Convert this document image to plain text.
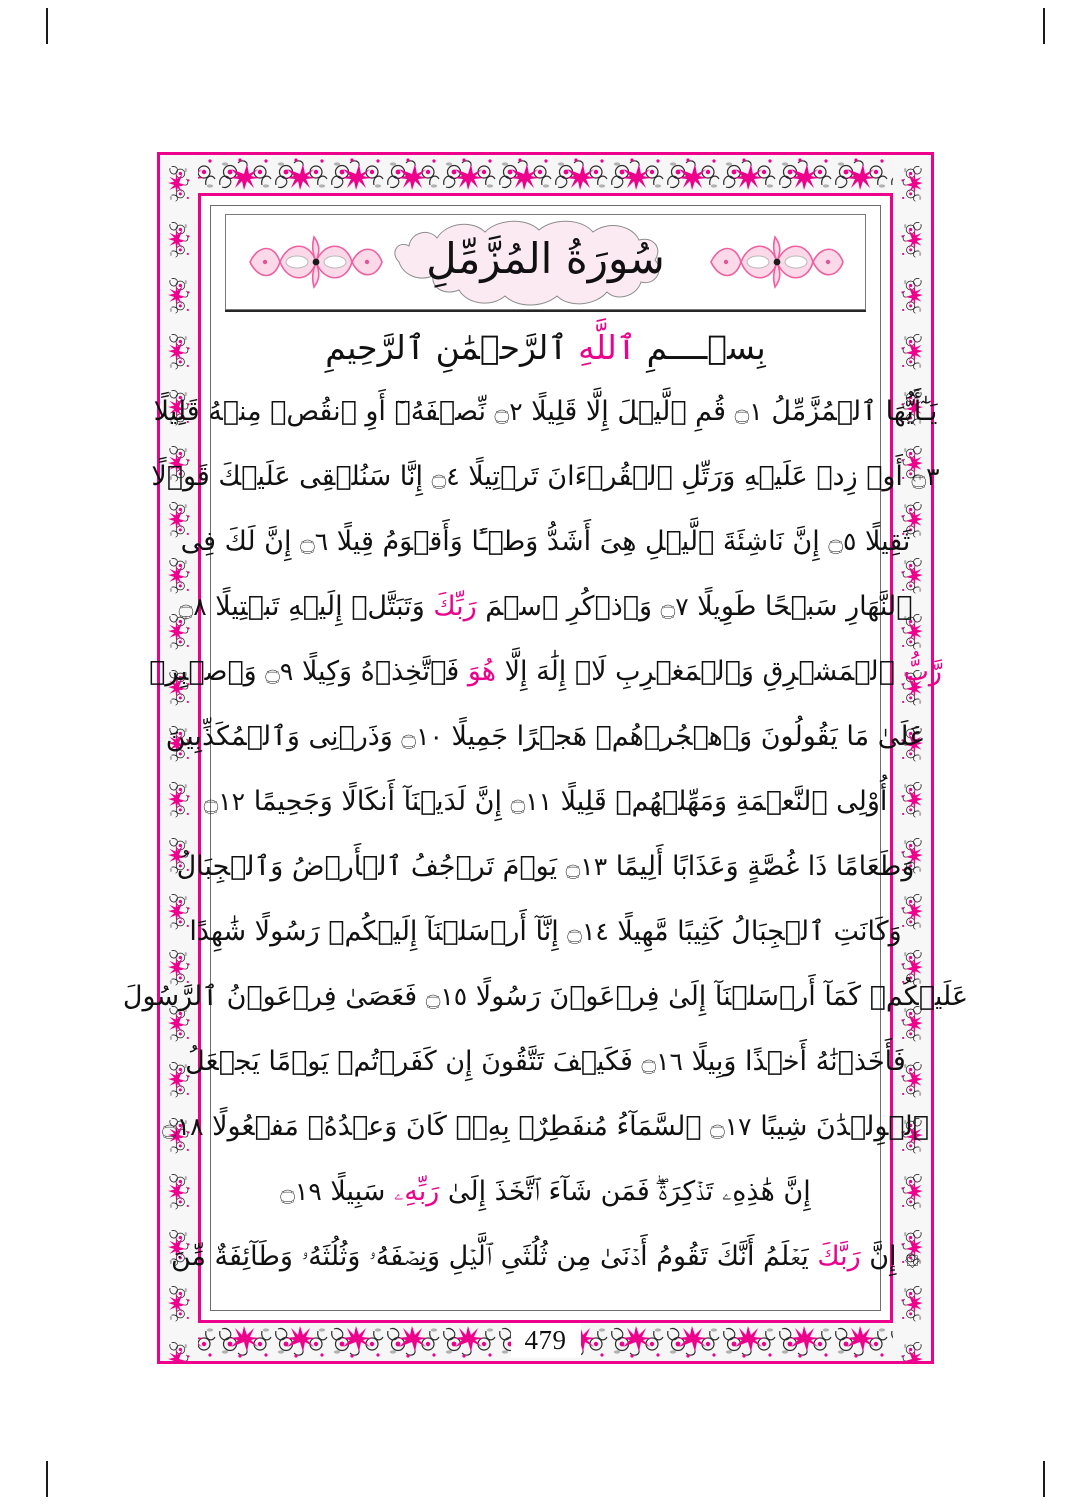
سُورَةُ المُزَّمِّلِ
بِسۡــــمِ ٱللَّهِ ٱلرَّحۡمَٰنِ ٱلرَّحِيمِ
يَـٰٓأَيُّهَا ٱلۡمُزَّمِّلُ ۝١ قُمِ ٱلَّيۡلَ إِلَّا قَلِيلًا ۝٢ نِّصۡفَهُۥٓ أَوِ ٱنقُصۡ مِنۡهُ قَلِيلًا
۝٣ أَوۡ زِدۡ عَلَيۡهِ وَرَتِّلِ ٱلۡقُرۡءَانَ تَرۡتِيلًا ۝٤ إِنَّا سَنُلۡقِى عَلَيۡكَ قَوۡلًا
ثَقِيلًا ۝٥ إِنَّ نَاشِئَةَ ٱلَّيۡلِ هِىَ أَشَدُّ وَطۡـًٔا وَأَقۡوَمُ قِيلًا ۝٦ إِنَّ لَكَ فِى
ٱلنَّهَارِ سَبۡحًا طَوِيلًا ۝٧ وَٱذۡكُرِ ٱسۡمَ رَبِّكَ وَتَبَتَّلۡ إِلَيۡهِ تَبۡتِيلًا ۝٨
رَّبُّ ٱلۡمَشۡرِقِ وَٱلۡمَغۡرِبِ لَاۤ إِلَٰهَ إِلَّا هُوَ فَٱتَّخِذۡهُ وَكِيلًا ۝٩ وَٱصۡبِرۡ
عَلَىٰ مَا يَقُولُونَ وَٱهۡجُرۡهُمۡ هَجۡرًا جَمِيلًا ۝١٠ وَذَرۡنِى وَٱلۡمُكَذِّبِينَ
أُوْلِى ٱلنَّعۡمَةِ وَمَهِّلۡهُمۡ قَلِيلًا ۝١١ إِنَّ لَدَيۡنَآ أَنكَالًا وَجَحِيمًا ۝١٢
وَطَعَامًا ذَا غُصَّةٍ وَعَذَابًا أَلِيمًا ۝١٣ يَوۡمَ تَرۡجُفُ ٱلۡأَرۡضُ وَٱلۡجِبَالُ
وَكَانَتِ ٱلۡجِبَالُ كَثِيبًا مَّهِيلًا ۝١٤ إِنَّآ أَرۡسَلۡنَآ إِلَيۡكُمۡ رَسُولًا شَٰهِدًا
عَلَيۡكُمۡ كَمَآ أَرۡسَلۡنَآ إِلَىٰ فِرۡعَوۡنَ رَسُولًا ۝١٥ فَعَصَىٰ فِرۡعَوۡنُ ٱلرَّسُولَ
فَأَخَذۡنَٰهُ أَخۡذًا وَبِيلًا ۝١٦ فَكَيۡفَ تَتَّقُونَ إِن كَفَرۡتُمۡ يَوۡمًا يَجۡعَلُ
ٱلۡوِلۡدَٰنَ شِيبًا ۝١٧ ٱلسَّمَآءُ مُنفَطِرٌۢ بِهِۦۚ كَانَ وَعۡدُهُۥ مَفۡعُولًا ۝١٨
إِنَّ هَٰذِهِۦ تَذۡكِرَةٌۖ فَمَن شَآءَ ٱتَّخَذَ إِلَىٰ رَبِّهِۦ سَبِيلًا ۝١٩
۞ إِنَّ رَبَّكَ يَعۡلَمُ أَنَّكَ تَقُومُ أَدۡنَىٰ مِن ثُلُثَىِ ٱلَّيۡلِ وَنِصۡفَهُۥ وَثُلُثَهُۥ وَطَآئِفَةٌ مِّنَ
479
